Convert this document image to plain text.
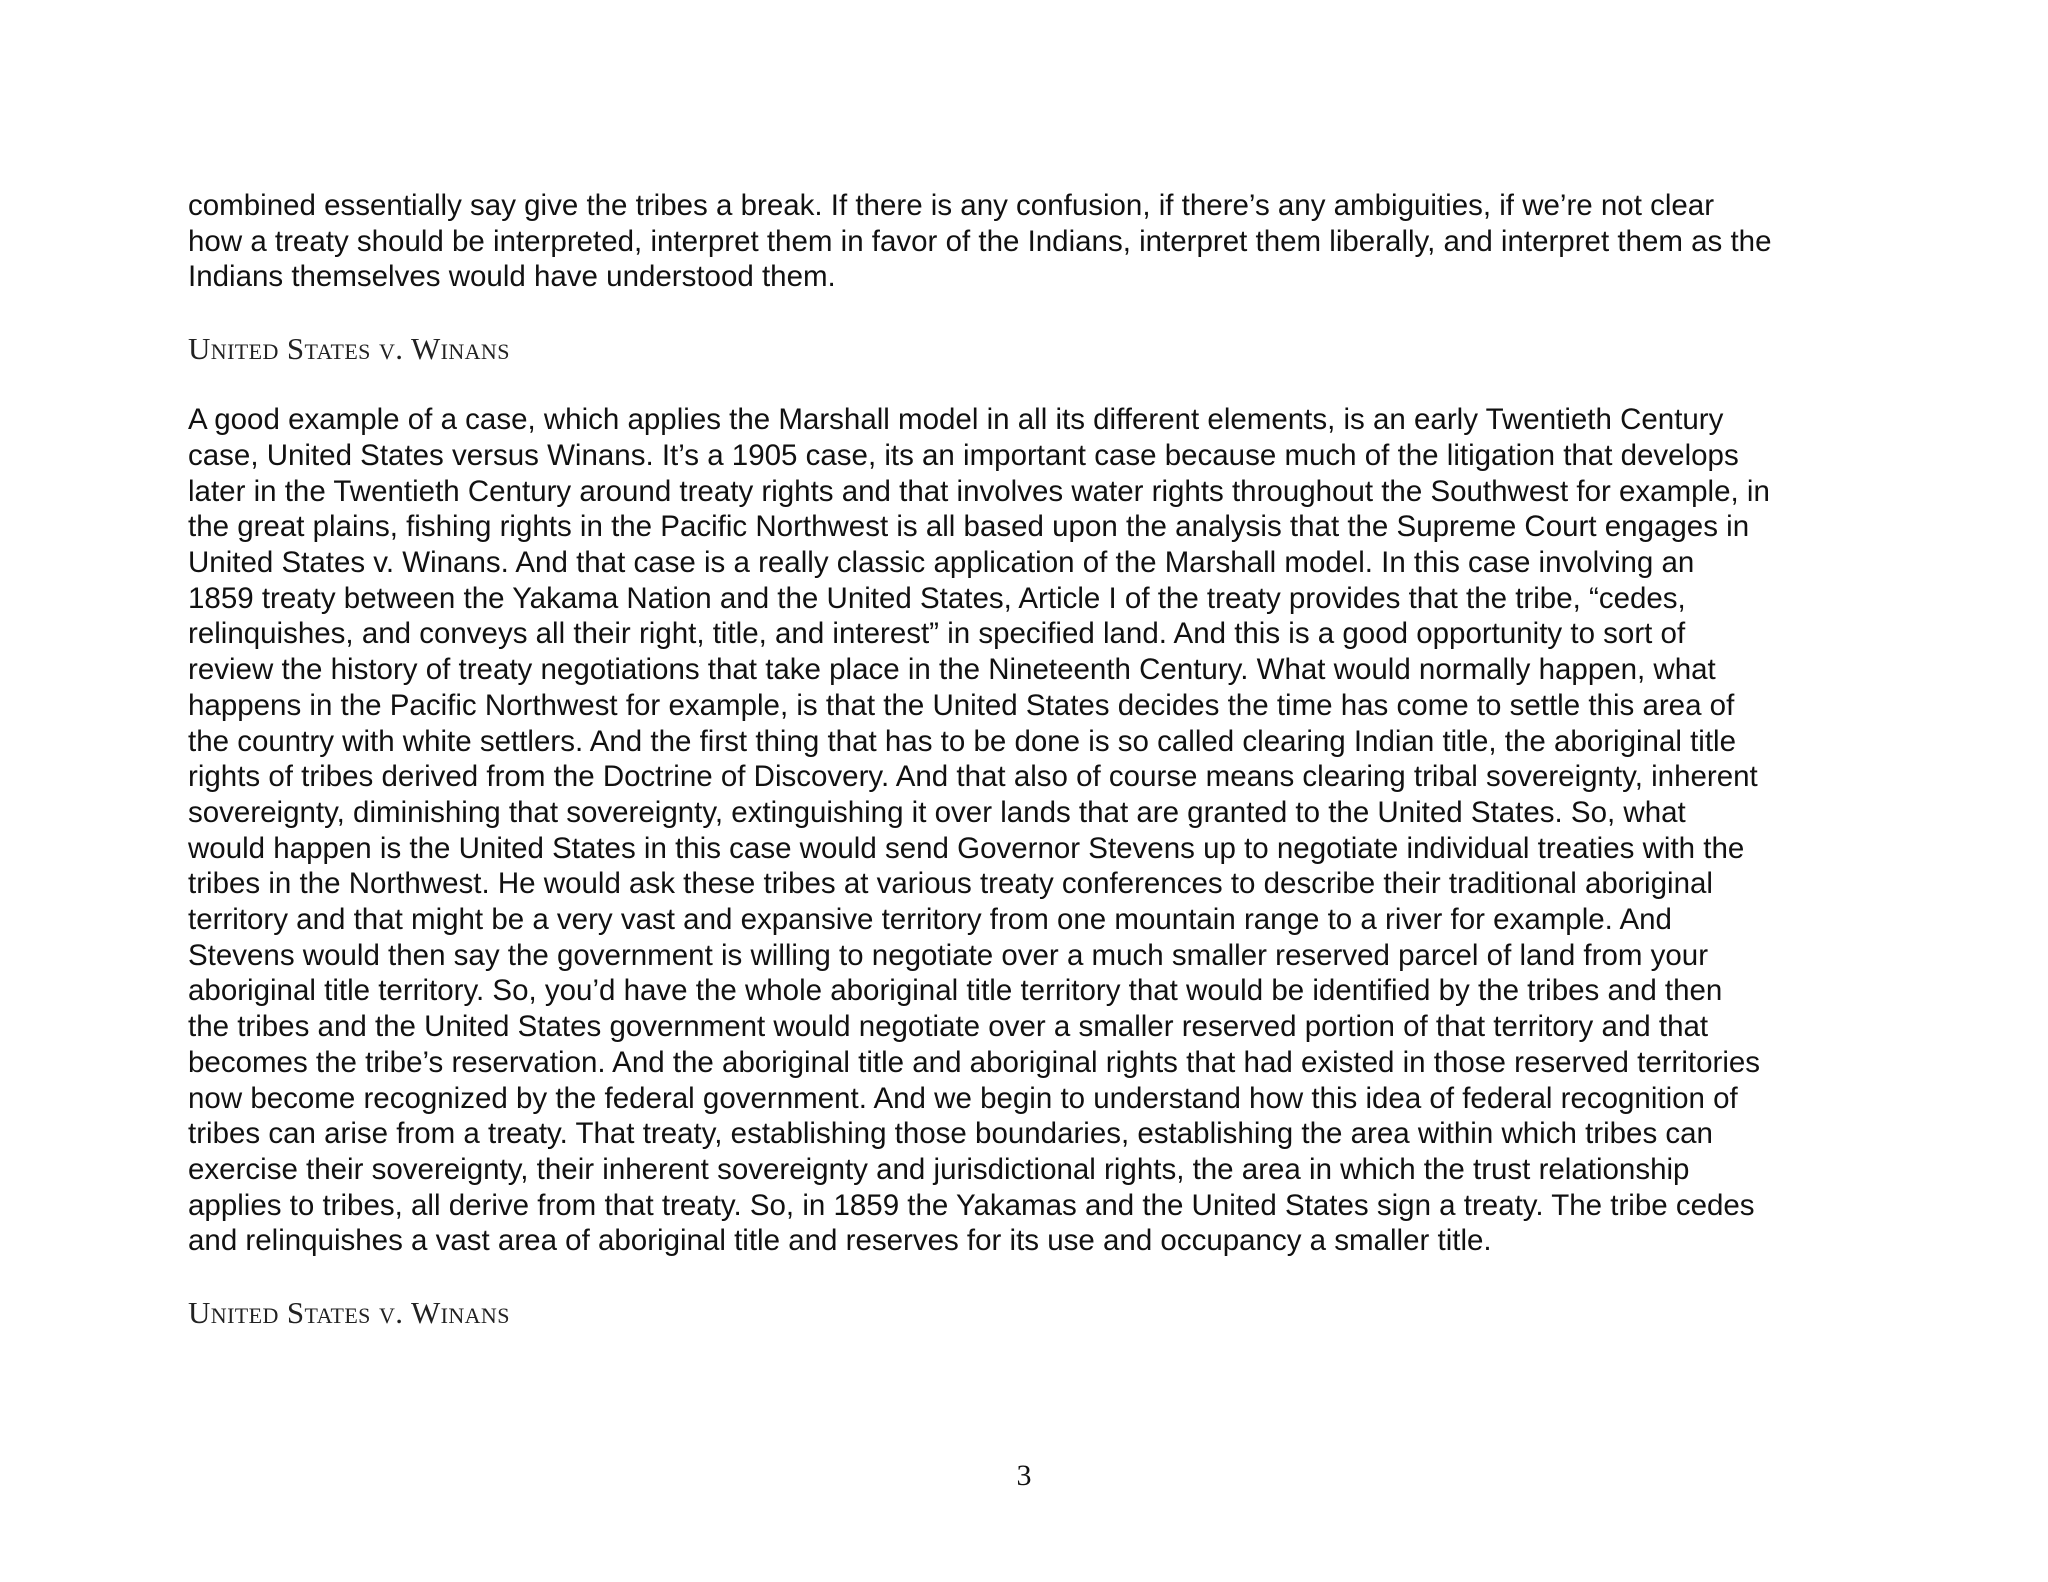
combined essentially say give the tribes a break. If there is any confusion, if there’s any ambiguities, if we’re not clear
how a treaty should be interpreted, interpret them in favor of the Indians, interpret them liberally, and interpret them as the
Indians themselves would have understood them.

United States v. Winans

A good example of a case, which applies the Marshall model in all its different elements, is an early Twentieth Century
case, United States versus Winans. It’s a 1905 case, its an important case because much of the litigation that develops
later in the Twentieth Century around treaty rights and that involves water rights throughout the Southwest for example, in
the great plains, fishing rights in the Pacific Northwest is all based upon the analysis that the Supreme Court engages in
United States v. Winans. And that case is a really classic application of the Marshall model. In this case involving an
1859 treaty between the Yakama Nation and the United States, Article I of the treaty provides that the tribe, “cedes,
relinquishes, and conveys all their right, title, and interest” in specified land. And this is a good opportunity to sort of
review the history of treaty negotiations that take place in the Nineteenth Century. What would normally happen, what
happens in the Pacific Northwest for example, is that the United States decides the time has come to settle this area of
the country with white settlers. And the first thing that has to be done is so called clearing Indian title, the aboriginal title
rights of tribes derived from the Doctrine of Discovery. And that also of course means clearing tribal sovereignty, inherent
sovereignty, diminishing that sovereignty, extinguishing it over lands that are granted to the United States. So, what
would happen is the United States in this case would send Governor Stevens up to negotiate individual treaties with the
tribes in the Northwest. He would ask these tribes at various treaty conferences to describe their traditional aboriginal
territory and that might be a very vast and expansive territory from one mountain range to a river for example. And
Stevens would then say the government is willing to negotiate over a much smaller reserved parcel of land from your
aboriginal title territory. So, you’d have the whole aboriginal title territory that would be identified by the tribes and then
the tribes and the United States government would negotiate over a smaller reserved portion of that territory and that
becomes the tribe’s reservation. And the aboriginal title and aboriginal rights that had existed in those reserved territories
now become recognized by the federal government. And we begin to understand how this idea of federal recognition of
tribes can arise from a treaty. That treaty, establishing those boundaries, establishing the area within which tribes can
exercise their sovereignty, their inherent sovereignty and jurisdictional rights, the area in which the trust relationship
applies to tribes, all derive from that treaty. So, in 1859 the Yakamas and the United States sign a treaty. The tribe cedes
and relinquishes a vast area of aboriginal title and reserves for its use and occupancy a smaller title.

United States v. Winans

3
